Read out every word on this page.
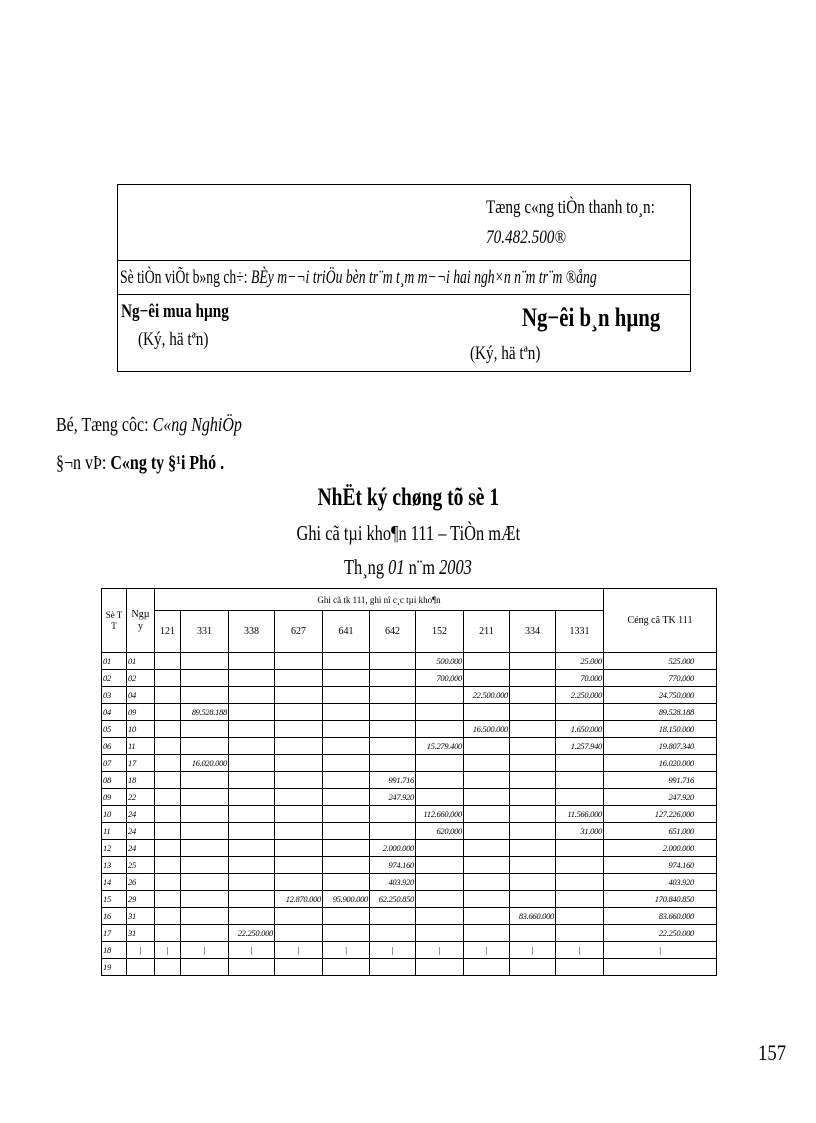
Tæng c«ng tiÒn thanh to¸n:
70.482.500®
Sè tiÒn viÕt b»ng ch÷: BÈy m−¬i triÖu bèn tr¨m t¸m m−¬i hai ngh×n n¨m tr¨m ®ång
Ng−êi mua hµng
(Ký, hä tªn)
Ng−êi b¸n hµng
(Ký, hä tªn)
Bé, Tæng côc: C«ng NghiÖp
§¬n vÞ: C«ng ty §¹i Phó .
NhËt ký chøng tõ sè 1
Ghi cã tµi kho¶n 111 – TiÒn mÆt
Th¸ng 01 n¨m 2003
Sè T T	Ngµ y	Ghi cã tk 111, ghi nî c¸c tµi kho¶n										Céng cã TK 111
		121	331	338	627	641	642	152	211	334	1331	
01	01							500.000			25.000	525.000
02	02							700.000			70.000	770.000
03	04								22.500.000		2.250.000	24.750.000
04	09		89.528.188									89.528.188
05	10								16.500.000		1.650.000	18.150.000
06	11							15.279.400			1.257.940	19.807.340
07	17		16.020.000									16.020.000
08	18						991.716					991.716
09	22						247.920					247.920
10	24							112.660.000			11.566.000	127.226.000
11	24							620.000			31.000	651.000
12	24						2.000.000					2.000.000
13	25						974.160					974.160
14	26						403.920					403.920
15	29				12.870.000	95.900.000	62.250.850					170.840.850
16	31									83.660.000		83.660.000
17	31			22.250.000								22.250.000
18	|	|	|	|	|	|	|	|	|	|	|	|
19												
157
